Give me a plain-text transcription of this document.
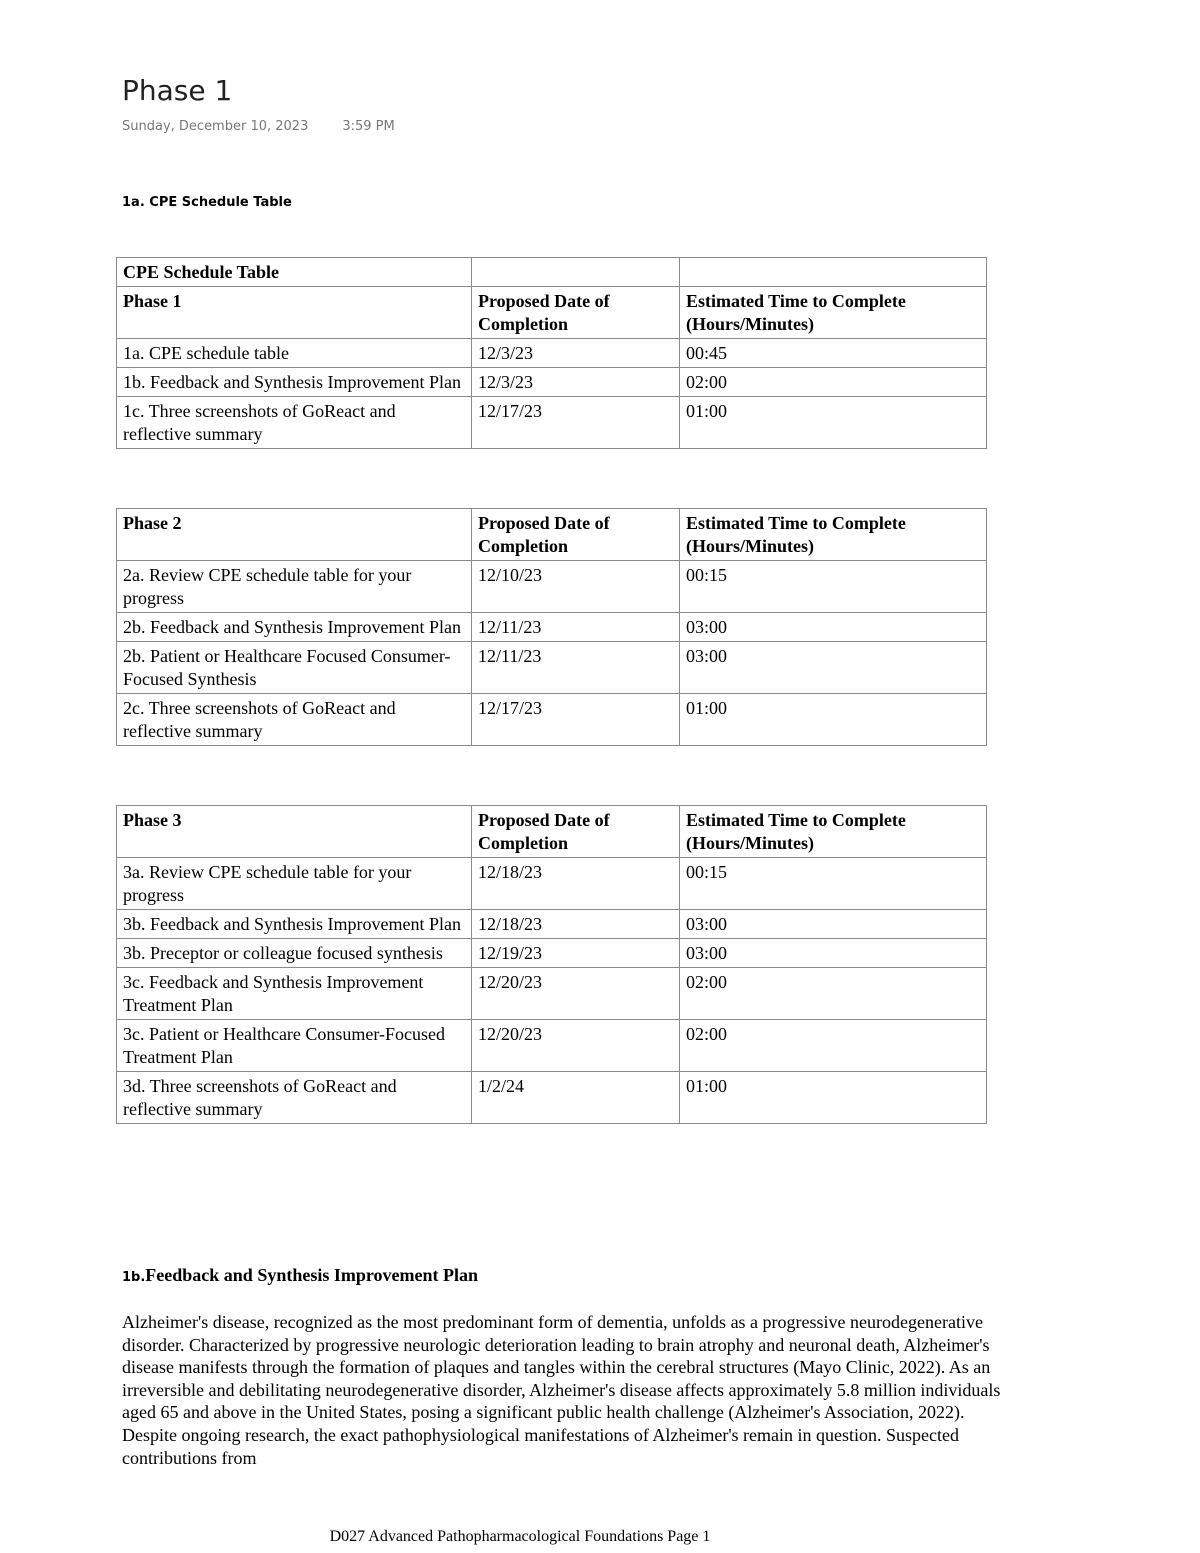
Phase 1
Sunday, December 10, 2023	3:59 PM
1a. CPE Schedule Table
CPE Schedule Table		
Phase 1	Proposed Date of Completion	Estimated Time to Complete (Hours/Minutes)
1a. CPE schedule table	12/3/23	00:45
1b. Feedback and Synthesis Improvement Plan	12/3/23	02:00
1c. Three screenshots of GoReact and reflective summary	12/17/23	01:00
Phase 2	Proposed Date of Completion	Estimated Time to Complete (Hours/Minutes)
2a. Review CPE schedule table for your progress	12/10/23	00:15
2b. Feedback and Synthesis Improvement Plan	12/11/23	03:00
2b. Patient or Healthcare Focused Consumer-Focused Synthesis	12/11/23	03:00
2c. Three screenshots of GoReact and reflective summary	12/17/23	01:00
Phase 3	Proposed Date of Completion	Estimated Time to Complete (Hours/Minutes)
3a. Review CPE schedule table for your progress	12/18/23	00:15
3b. Feedback and Synthesis Improvement Plan	12/18/23	03:00
3b. Preceptor or colleague focused synthesis	12/19/23	03:00
3c. Feedback and Synthesis Improvement Treatment Plan	12/20/23	02:00
3c. Patient or Healthcare Consumer-Focused Treatment Plan	12/20/23	02:00
3d. Three screenshots of GoReact and reflective summary	1/2/24	01:00
1b.Feedback and Synthesis Improvement Plan

Alzheimer's disease, recognized as the most predominant form of dementia, unfolds as a progressive neurodegenerative disorder. Characterized by progressive neurologic deterioration leading to brain atrophy and neuronal death, Alzheimer's disease manifests through the formation of plaques and tangles within the cerebral structures (Mayo Clinic, 2022). As an irreversible and debilitating neurodegenerative disorder, Alzheimer's disease affects approximately 5.8 million individuals aged 65 and above in the United States, posing a significant public health challenge (Alzheimer's Association, 2022). Despite ongoing research, the exact pathophysiological manifestations of Alzheimer's remain in question. Suspected contributions from

D027 Advanced Pathopharmacological Foundations Page 1
